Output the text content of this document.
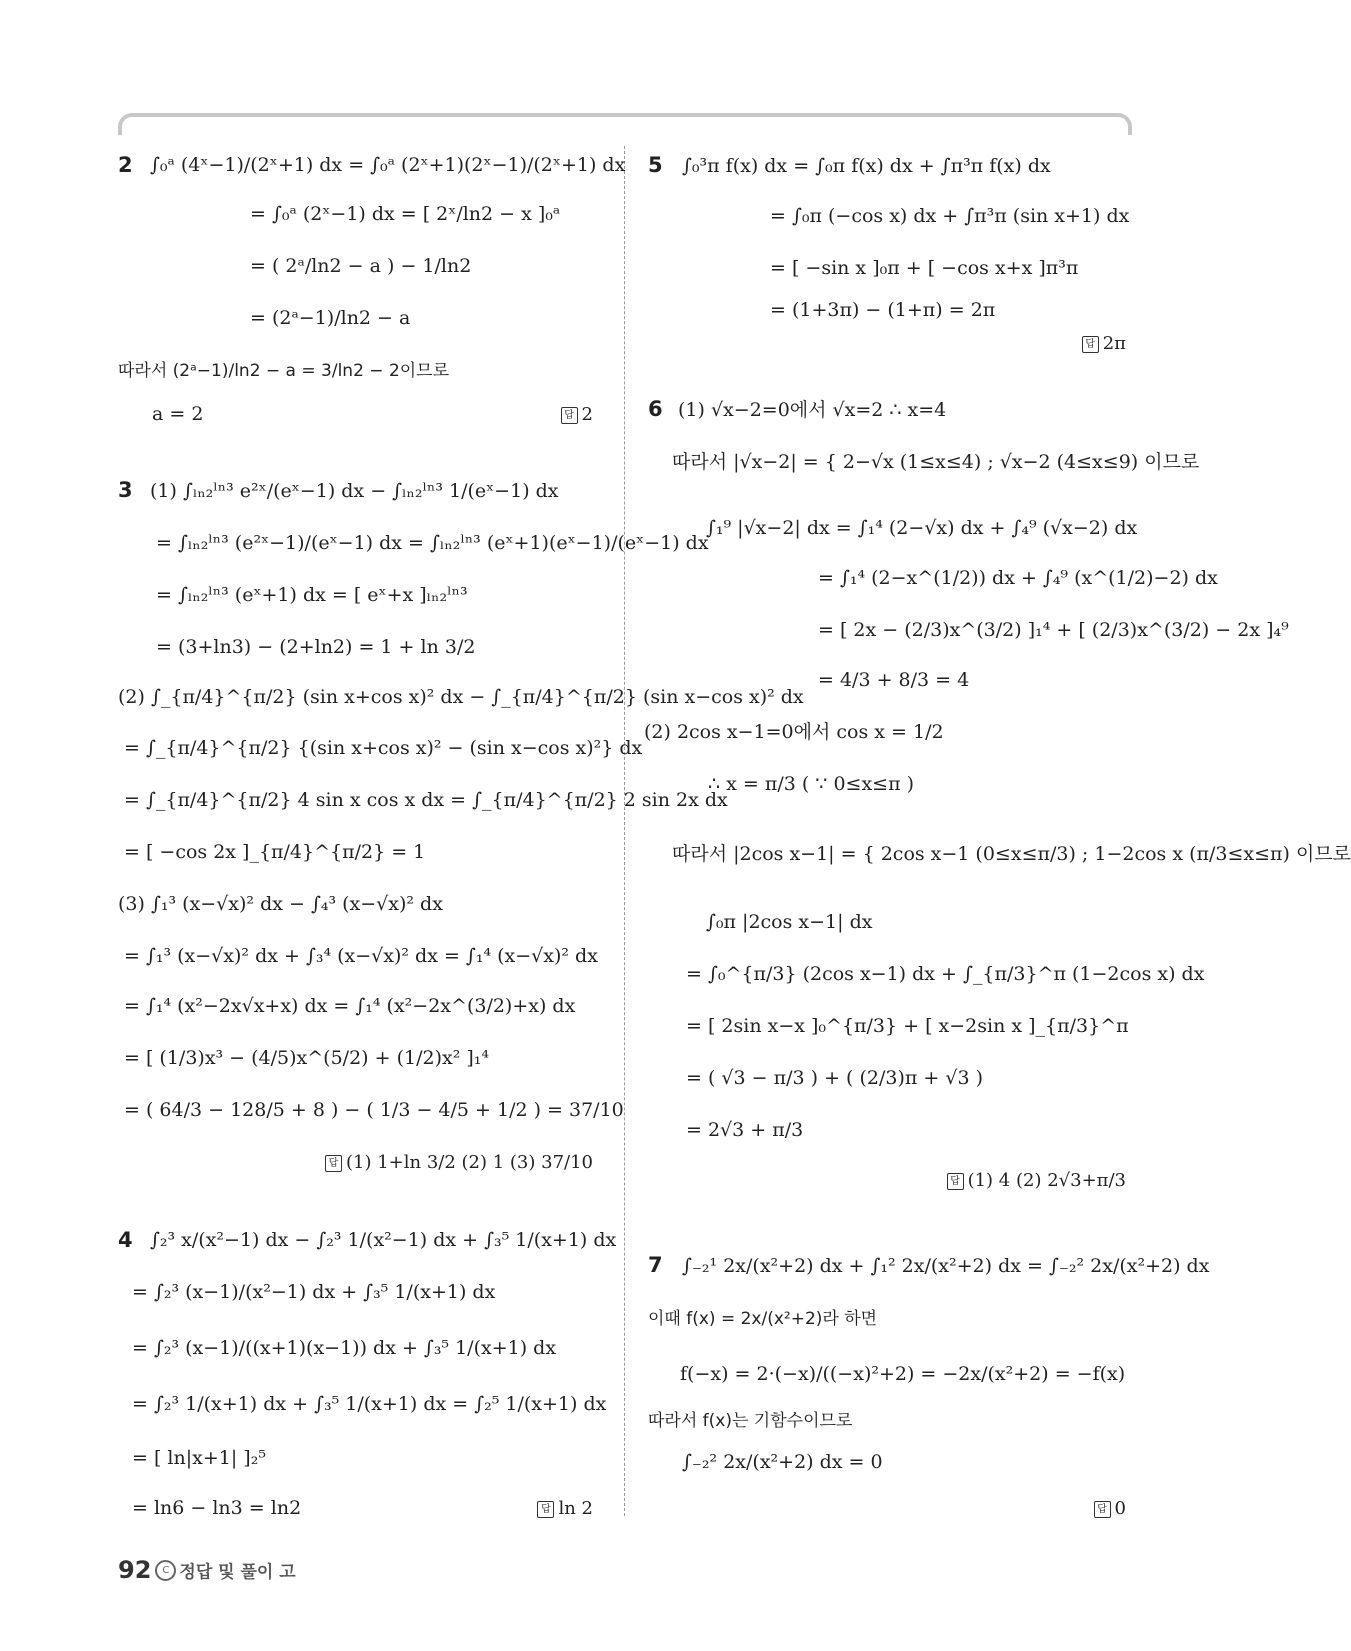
2 ∫₀ᵃ (4ˣ−1)/(2ˣ+1) dx = ∫₀ᵃ (2ˣ+1)(2ˣ−1)/(2ˣ+1) dx
= ∫₀ᵃ (2ˣ−1) dx = [ 2ˣ/ln2 − x ]₀ᵃ
= ( 2ᵃ/ln2 − a ) − 1/ln2
= (2ᵃ−1)/ln2 − a
따라서 (2ᵃ−1)/ln2 − a = 3/ln2 − 2이므로
a = 2	답 2
3 (1) ∫ₗₙ₂ˡⁿ³ e²ˣ/(eˣ−1) dx − ∫ₗₙ₂ˡⁿ³ 1/(eˣ−1) dx
= ∫ₗₙ₂ˡⁿ³ (e²ˣ−1)/(eˣ−1) dx = ∫ₗₙ₂ˡⁿ³ (eˣ+1)(eˣ−1)/(eˣ−1) dx
= ∫ₗₙ₂ˡⁿ³ (eˣ+1) dx = [ eˣ+x ]ₗₙ₂ˡⁿ³
= (3+ln3) − (2+ln2) = 1 + ln 3/2
(2) ∫_{π/4}^{π/2} (sin x+cos x)² dx − ∫_{π/4}^{π/2} (sin x−cos x)² dx
= ∫_{π/4}^{π/2} {(sin x+cos x)² − (sin x−cos x)²} dx
= ∫_{π/4}^{π/2} 4 sin x cos x dx = ∫_{π/4}^{π/2} 2 sin 2x dx
= [ −cos 2x ]_{π/4}^{π/2} = 1
(3) ∫₁³ (x−√x)² dx − ∫₄³ (x−√x)² dx
= ∫₁³ (x−√x)² dx + ∫₃⁴ (x−√x)² dx = ∫₁⁴ (x−√x)² dx
= ∫₁⁴ (x²−2x√x+x) dx = ∫₁⁴ (x²−2x^(3/2)+x) dx
= [ (1/3)x³ − (4/5)x^(5/2) + (1/2)x² ]₁⁴
= ( 64/3 − 128/5 + 8 ) − ( 1/3 − 4/5 + 1/2 ) = 37/10
답 (1) 1+ln 3/2 (2) 1 (3) 37/10
4 ∫₂³ x/(x²−1) dx − ∫₂³ 1/(x²−1) dx + ∫₃⁵ 1/(x+1) dx
= ∫₂³ (x−1)/(x²−1) dx + ∫₃⁵ 1/(x+1) dx
= ∫₂³ (x−1)/((x+1)(x−1)) dx + ∫₃⁵ 1/(x+1) dx
= ∫₂³ 1/(x+1) dx + ∫₃⁵ 1/(x+1) dx = ∫₂⁵ 1/(x+1) dx
= [ ln|x+1| ]₂⁵
= ln6 − ln3 = ln2	답 ln 2
5 ∫₀³π f(x) dx = ∫₀π f(x) dx + ∫π³π f(x) dx
= ∫₀π (−cos x) dx + ∫π³π (sin x+1) dx
= [ −sin x ]₀π + [ −cos x+x ]π³π
= (1+3π) − (1+π) = 2π
답 2π
6 (1) √x−2=0에서 √x=2 ∴ x=4
따라서 |√x−2| = { 2−√x (1≤x≤4) ; √x−2 (4≤x≤9) 이므로
∫₁⁹ |√x−2| dx = ∫₁⁴ (2−√x) dx + ∫₄⁹ (√x−2) dx
= ∫₁⁴ (2−x^(1/2)) dx + ∫₄⁹ (x^(1/2)−2) dx
= [ 2x − (2/3)x^(3/2) ]₁⁴ + [ (2/3)x^(3/2) − 2x ]₄⁹
= 4/3 + 8/3 = 4
(2) 2cos x−1=0에서 cos x = 1/2
∴ x = π/3 ( ∵ 0≤x≤π )
따라서 |2cos x−1| = { 2cos x−1 (0≤x≤π/3) ; 1−2cos x (π/3≤x≤π) 이므로
∫₀π |2cos x−1| dx
= ∫₀^{π/3} (2cos x−1) dx + ∫_{π/3}^π (1−2cos x) dx
= [ 2sin x−x ]₀^{π/3} + [ x−2sin x ]_{π/3}^π
= ( √3 − π/3 ) + ( (2/3)π + √3 )
= 2√3 + π/3
답 (1) 4 (2) 2√3+π/3
7 ∫₋₂¹ 2x/(x²+2) dx + ∫₁² 2x/(x²+2) dx = ∫₋₂² 2x/(x²+2) dx
이때 f(x) = 2x/(x²+2)라 하면
f(−x) = 2·(−x)/((−x)²+2) = −2x/(x²+2) = −f(x)
따라서 f(x)는 기함수이므로
∫₋₂² 2x/(x²+2) dx = 0
답 0
92 C 정답 및 풀이 고
